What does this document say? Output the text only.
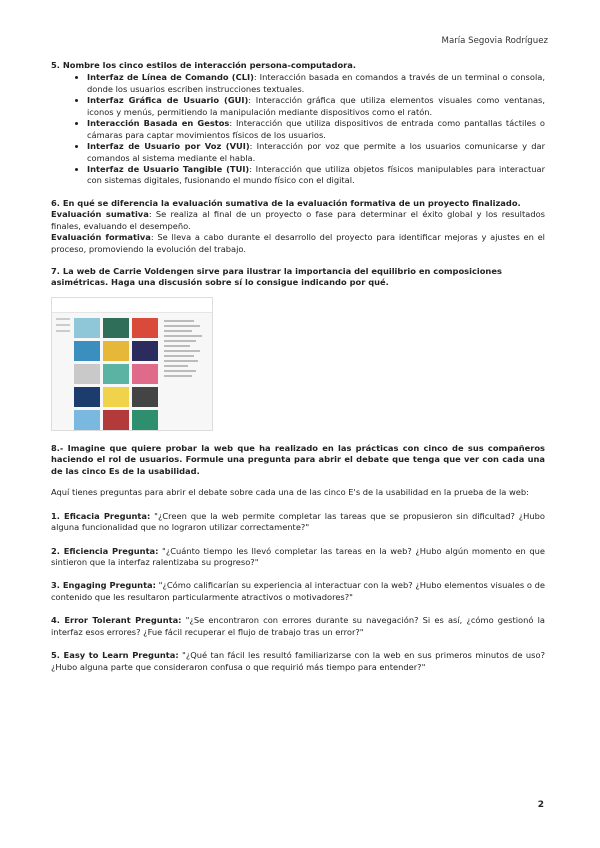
María Segovia Rodríguez

5. Nombre los cinco estilos de interacción persona-computadora.

• Interfaz de Línea de Comando (CLI): Interacción basada en comandos a través de un terminal o consola, donde los usuarios escriben instrucciones textuales.
• Interfaz Gráfica de Usuario (GUI): Interacción gráfica que utiliza elementos visuales como ventanas, iconos y menús, permitiendo la manipulación mediante dispositivos como el ratón.
• Interacción Basada en Gestos: Interacción que utiliza dispositivos de entrada como pantallas táctiles o cámaras para captar movimientos físicos de los usuarios.
• Interfaz de Usuario por Voz (VUI): Interacción por voz que permite a los usuarios comunicarse y dar comandos al sistema mediante el habla.
• Interfaz de Usuario Tangible (TUI): Interacción que utiliza objetos físicos manipulables para interactuar con sistemas digitales, fusionando el mundo físico con el digital.

6. En qué se diferencia la evaluación sumativa de la evaluación formativa de un proyecto finalizado.

Evaluación sumativa: Se realiza al final de un proyecto o fase para determinar el éxito global y los resultados finales, evaluando el desempeño.

Evaluación formativa: Se lleva a cabo durante el desarrollo del proyecto para identificar mejoras y ajustes en el proceso, promoviendo la evolución del trabajo.

7. La web de Carrie Voldengen sirve para ilustrar la importancia del equilibrio en composiciones asimétricas. Haga una discusión sobre sí lo consigue indicando por qué.

8.- Imagine que quiere probar la web que ha realizado en las prácticas con cinco de sus compañeros haciendo el rol de usuarios. Formule una pregunta para abrir el debate que tenga que ver con cada una de las cinco Es de la usabilidad.

Aquí tienes preguntas para abrir el debate sobre cada una de las cinco E's de la usabilidad en la prueba de la web:

1. Eficacia Pregunta: "¿Creen que la web permite completar las tareas que se propusieron sin dificultad? ¿Hubo alguna funcionalidad que no lograron utilizar correctamente?"

2. Eficiencia Pregunta: "¿Cuánto tiempo les llevó completar las tareas en la web? ¿Hubo algún momento en que sintieron que la interfaz ralentizaba su progreso?"

3. Engaging Pregunta: "¿Cómo calificarían su experiencia al interactuar con la web? ¿Hubo elementos visuales o de contenido que les resultaron particularmente atractivos o motivadores?"

4. Error Tolerant Pregunta: "¿Se encontraron con errores durante su navegación? Si es así, ¿cómo gestionó la interfaz esos errores? ¿Fue fácil recuperar el flujo de trabajo tras un error?"

5. Easy to Learn Pregunta: "¿Qué tan fácil les resultó familiarizarse con la web en sus primeros minutos de uso? ¿Hubo alguna parte que consideraron confusa o que requirió más tiempo para entender?"

2
